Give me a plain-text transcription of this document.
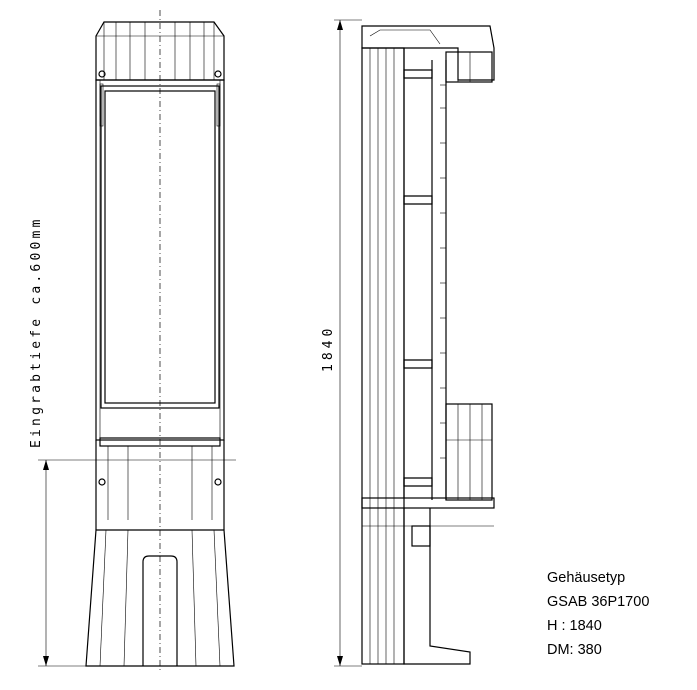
Eingrabtiefe ca.600mm	1840
Gehäusetyp
GSAB 36P1700
H : 1840
DM: 380
